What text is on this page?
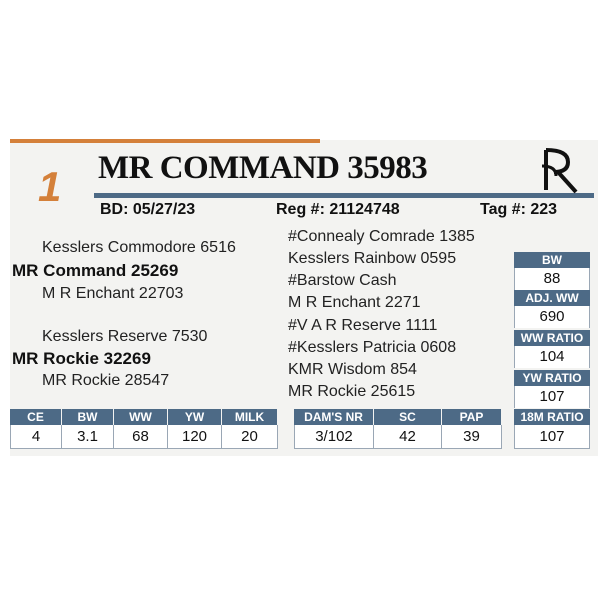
1 MR COMMAND 35983
BD: 05/27/23	Reg #: 21124748	Tag #: 223
Kesslers Commodore 6516
MR Command 25269
M R Enchant 22703
Kesslers Reserve 7530
MR Rockie 32269
MR Rockie 28547
#Connealy Comrade 1385
Kesslers Rainbow 0595
#Barstow Cash
M R Enchant 2271
#V A R Reserve 1111
#Kesslers Patricia 0608
KMR Wisdom 854
MR Rockie 25615
BW
88
ADJ. WW
690
WW RATIO
104
YW RATIO
107
18M RATIO
107
CE	BW	WW	YW	MILK
4	3.1	68	120	20
DAM'S NR	SC	PAP
3/102	42	39
